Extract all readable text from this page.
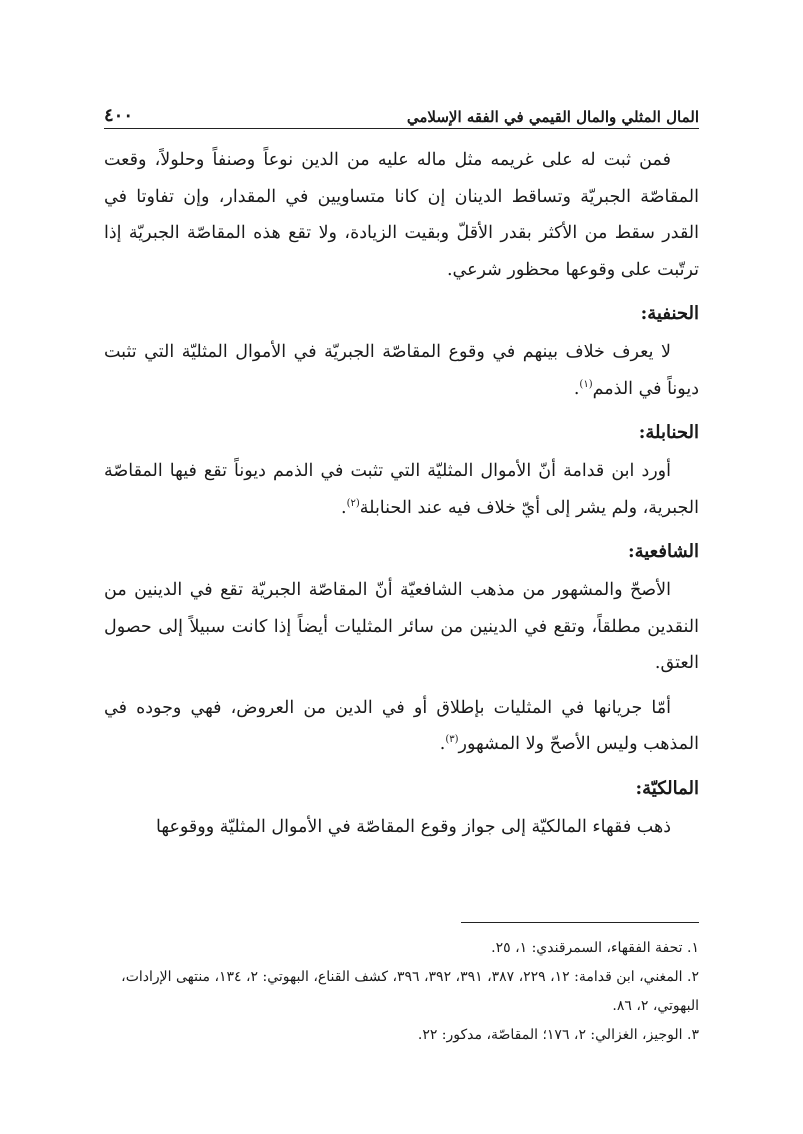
المال المثلي والمال القيمي في الفقه الإسلامي
٤٠٠

فمن ثبت له على غريمه مثل ماله عليه من الدين نوعاً وصنفاً وحلولاً، وقعت المقاصّة الجبريّة وتساقط الدينان إن كانا متساويين في المقدار، وإن تفاوتا في القدر سقط من الأكثر بقدر الأقلّ وبقيت الزيادة، ولا تقع هذه المقاصّة الجبريّة إذا ترتّبت على وقوعها محظور شرعي.

الحنفية:

لا يعرف خلاف بينهم في وقوع المقاصّة الجبريّة في الأموال المثليّة التي تثبت ديوناً في الذمم$^{(١)}$.

الحنابلة:

أورد ابن قدامة أنّ الأموال المثليّة التي تثبت في الذمم ديوناً تقع فيها المقاصّة الجبرية، ولم يشر إلى أيّ خلاف فيه عند الحنابلة$^{(٢)}$.

الشافعية:

الأصحّ والمشهور من مذهب الشافعيّة أنّ المقاصّة الجبريّة تقع في الدينين من النقدين مطلقاً، وتقع في الدينين من سائر المثليات أيضاً إذا كانت سبيلاً إلى حصول العتق.

أمّا جريانها في المثليات بإطلاق أو في الدين من العروض، فهي وجوده في المذهب وليس الأصحّ ولا المشهور$^{(٣)}$.

المالكيّة:

ذهب فقهاء المالكيّة إلى جواز وقوع المقاصّة في الأموال المثليّة ووقوعها

١. تحفة الفقهاء، السمرقندي: ١، ٢٥.

٢. المغني، ابن قدامة: ١٢، ٢٢٩، ٣٨٧، ٣٩١، ٣٩٢، ٣٩٦، كشف القناع، البهوتي: ٢، ١٣٤، منتهى الإرادات، البهوتي، ٢، ٨٦.

٣. الوجيز، الغزالي: ٢، ١٧٦؛ المقاصّة، مدكور: ٢٢.
